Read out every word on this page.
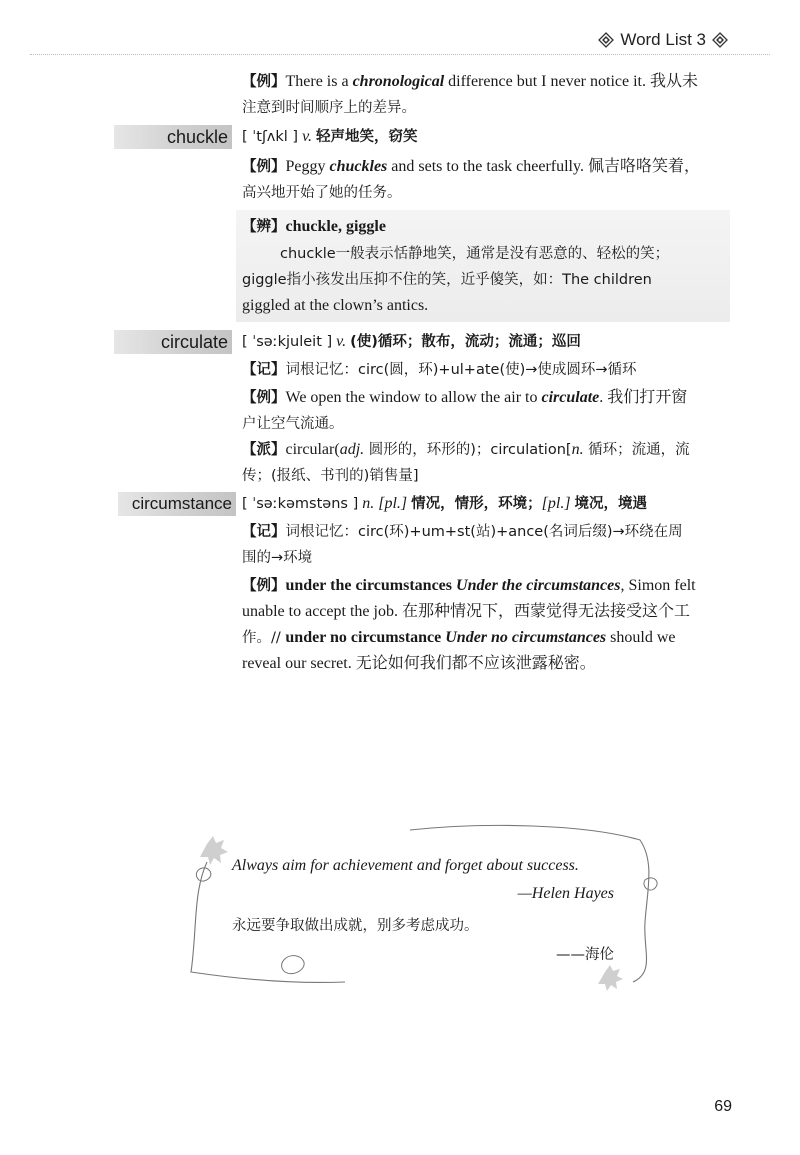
Word List 3
【例】There is a chronological difference but I never notice it. 我从未
注意到时间顺序上的差异。
chuckle [ ˈtʃʌkl ] v. 轻声地笑，窃笑
【例】Peggy chuckles and sets to the task cheerfully. 佩吉咯咯笑着，
高兴地开始了她的任务。
【辨】chuckle, giggle
chuckle一般表示恬静地笑，通常是没有恶意的、轻松的笑；
giggle指小孩发出压抑不住的笑，近乎傻笑，如：The children
giggled at the clown’s antics.
circulate [ ˈsəːkjuleit ] v. (使)循环；散布，流动；流通；巡回
【记】词根记忆：circ(圆，环)+ul+ate(使)→使成圆环→循环
【例】We open the window to allow the air to circulate. 我们打开窗
户让空气流通。
【派】circular(adj. 圆形的，环形的)；circulation[n. 循环；流通，流
传；(报纸、书刊的)销售量]
circumstance [ ˈsəːkəmstəns ] n. [pl.] 情况，情形，环境；[pl.] 境况，境遇
【记】词根记忆：circ(环)+um+st(站)+ance(名词后缀)→环绕在周
围的→环境
【例】under the circumstances Under the circumstances, Simon felt
unable to accept the job. 在那种情况下，西蒙觉得无法接受这个工
作。// under no circumstance Under no circumstances should we
reveal our secret. 无论如何我们都不应该泄露秘密。
Always aim for achievement and forget about success.
—Helen Hayes
永远要争取做出成就，别多考虑成功。
——海伦
69
